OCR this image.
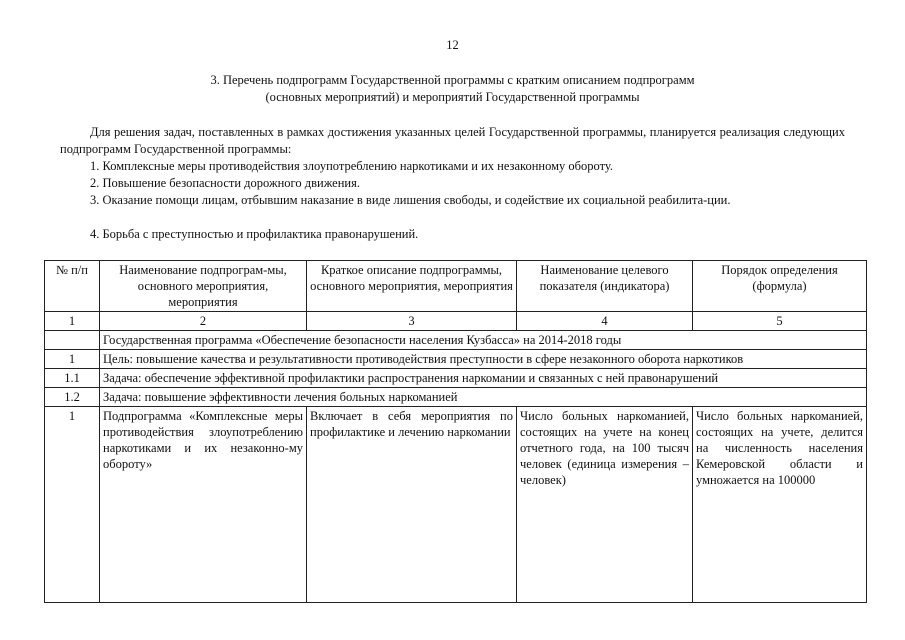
12
3. Перечень подпрограмм Государственной программы с кратким описанием подпрограмм
(основных мероприятий) и мероприятий Государственной программы
Для решения задач, поставленных в рамках достижения указанных целей Государственной программы, планируется реализация следующих подпрограмм Государственной программы:
1. Комплексные меры противодействия злоупотреблению наркотиками и их незаконному обороту.
2. Повышение безопасности дорожного движения.
3. Оказание помощи лицам, отбывшим наказание в виде лишения свободы, и содействие их социальной реабилита-ции.
4. Борьба с преступностью и профилактика правонарушений.
№ п/п	Наименование подпрограм-мы, основного мероприятия, мероприятия	Краткое описание подпрограммы, основного мероприятия, мероприятия	Наименование целевого показателя (индикатора)	Порядок определения (формула)
1	2	3	4	5
	Государственная программа «Обеспечение безопасности населения Кузбасса» на 2014-2018 годы			
1	Цель: повышение качества и результативности противодействия преступности в сфере незаконного оборота наркотиков			
1.1	Задача: обеспечение эффективной профилактики распространения наркомании и связанных с ней правонарушений			
1.2	Задача: повышение эффективности лечения больных наркоманией			
1	Подпрограмма «Комплексные меры противодействия злоупотреблению наркотиками и их незаконно-му обороту»	Включает в себя мероприятия по профилактике и лечению наркомании	Число больных наркоманией, состоящих на учете на конец отчетного года, на 100 тысяч человек (единица измерения – человек)	Число больных наркоманией, состоящих на учете, делится на численность населения Кемеровской области и умножается на 100000
